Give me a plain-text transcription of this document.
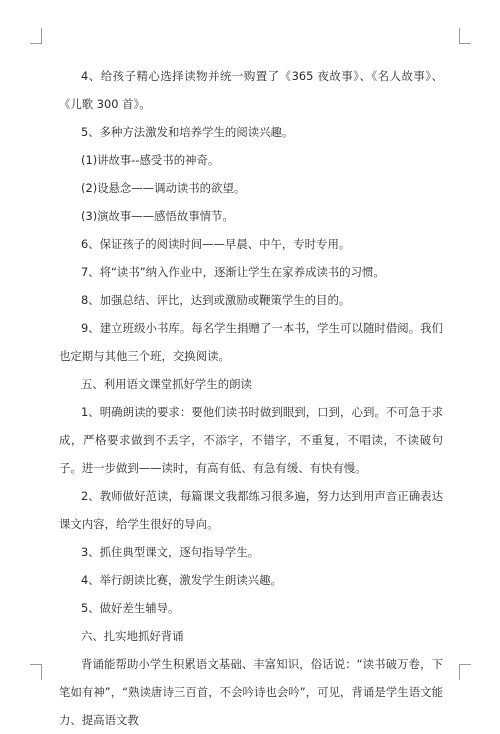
4、给孩子精心选择读物并统一购置了《365 夜故事》、《名人故事》、《儿歌 300 首》。

5、多种方法激发和培养学生的阅读兴趣。

(1)讲故事--感受书的神奇。

(2)设悬念——调动读书的欲望。

(3)演故事——感悟故事情节。

6、保证孩子的阅读时间——早晨、中午，专时专用。

7、将“读书”纳入作业中，逐渐让学生在家养成读书的习惯。

8、加强总结、评比，达到或激励或鞭策学生的目的。

9、建立班级小书库。每名学生捐赠了一本书，学生可以随时借阅。我们 也定期与其他三个班，交换阅读。

五、利用语文课堂抓好学生的朗读

1、明确朗读的要求：要他们读书时做到眼到，口到，心到。不可急于求成，严格要求做到不丢字，不添字，不错字，不重复，不唱读，不读破句子。进一步做到——读时，有高有低、有急有缓、有快有慢。

2、教师做好范读，每篇课文我都练习很多遍，努力达到用声音正确表达课文内容，给学生很好的导向。

3、抓住典型课文，逐句指导学生。

4、举行朗读比赛，激发学生朗读兴趣。

5、做好差生辅导。

六、扎实地抓好背诵

背诵能帮助小学生积累语文基础、丰富知识，俗话说：“读书破万卷，下笔如有神”，“熟读唐诗三百首，不会吟诗也会吟”，可见，背诵是学生语文能力、提高语文教
